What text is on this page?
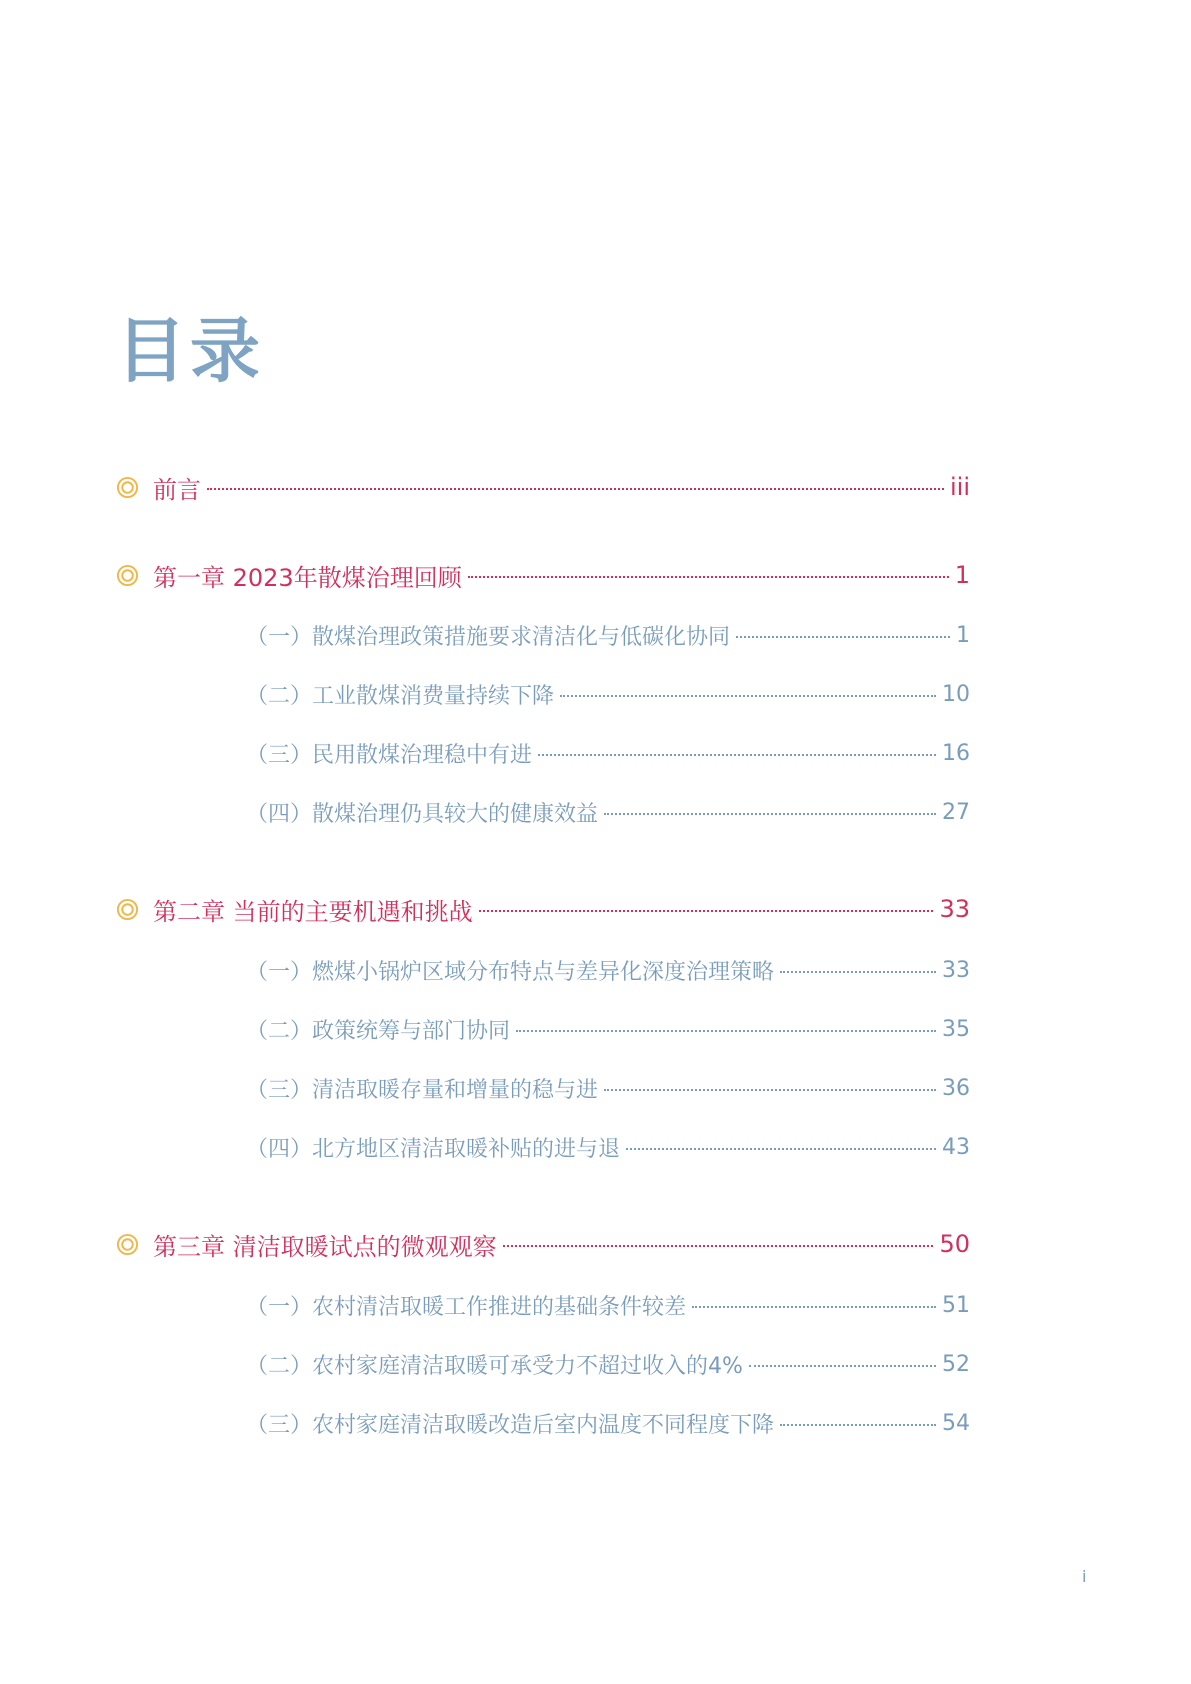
目录
前言	iii
第一章 2023年散煤治理回顾	1
（一）散煤治理政策措施要求清洁化与低碳化协同	1
（二）工业散煤消费量持续下降	10
（三）民用散煤治理稳中有进	16
（四）散煤治理仍具较大的健康效益	27
第二章 当前的主要机遇和挑战	33
（一）燃煤小锅炉区域分布特点与差异化深度治理策略	33
（二）政策统筹与部门协同	35
（三）清洁取暖存量和增量的稳与进	36
（四）北方地区清洁取暖补贴的进与退	43
第三章 清洁取暖试点的微观观察	50
（一）农村清洁取暖工作推进的基础条件较差	51
（二）农村家庭清洁取暖可承受力不超过收入的4%	52
（三）农村家庭清洁取暖改造后室内温度不同程度下降	54
i
